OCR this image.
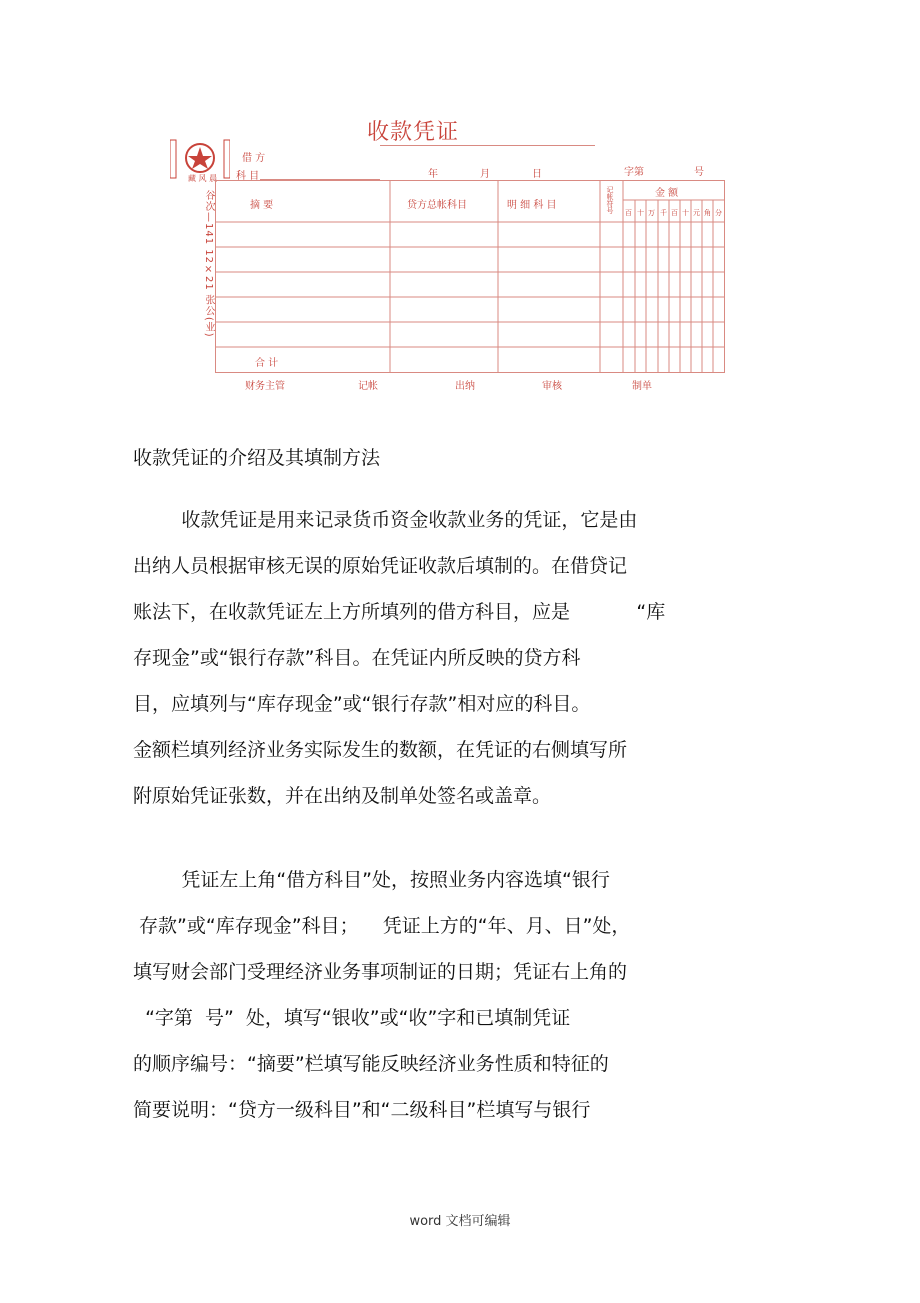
收款凭证
藏 风 晨
借 方
科 目	年	月	日	字第	号
谷次—141 12×21 张公(业)	摘 要	贷方总帐科目	明 细 科 目	记帐符号	金 额
百 十 万 千 百 十 元 角 分
合 计
财务主管	记帐	出纳	审核	制单
收款凭证的介绍及其填制方法
收款凭证是用来记录货币资金收款业务的凭证，它是由
出纳人员根据审核无误的原始凭证收款后填制的。在借贷记
账法下，在收款凭证左上方所填列的借方科目，应是           “库
存现金”或“银行存款”科目。在凭证内所反映的贷方科
目，应填列与“库存现金”或“银行存款”相对应的科目。
金额栏填列经济业务实际发生的数额，在凭证的右侧填写所
附原始凭证张数，并在出纳及制单处签名或盖章。
凭证左上角“借方科目”处，按照业务内容选填“银行
存款”或“库存现金”科目；    凭证上方的“年、月、日”处，
填写财会部门受理经济业务事项制证的日期；凭证右上角的
“字第  号”  处，填写“银收”或“收”字和已填制凭证
的顺序编号：“摘要”栏填写能反映经济业务性质和特征的
简要说明：“贷方一级科目”和“二级科目”栏填写与银行
word 文档可编辑
